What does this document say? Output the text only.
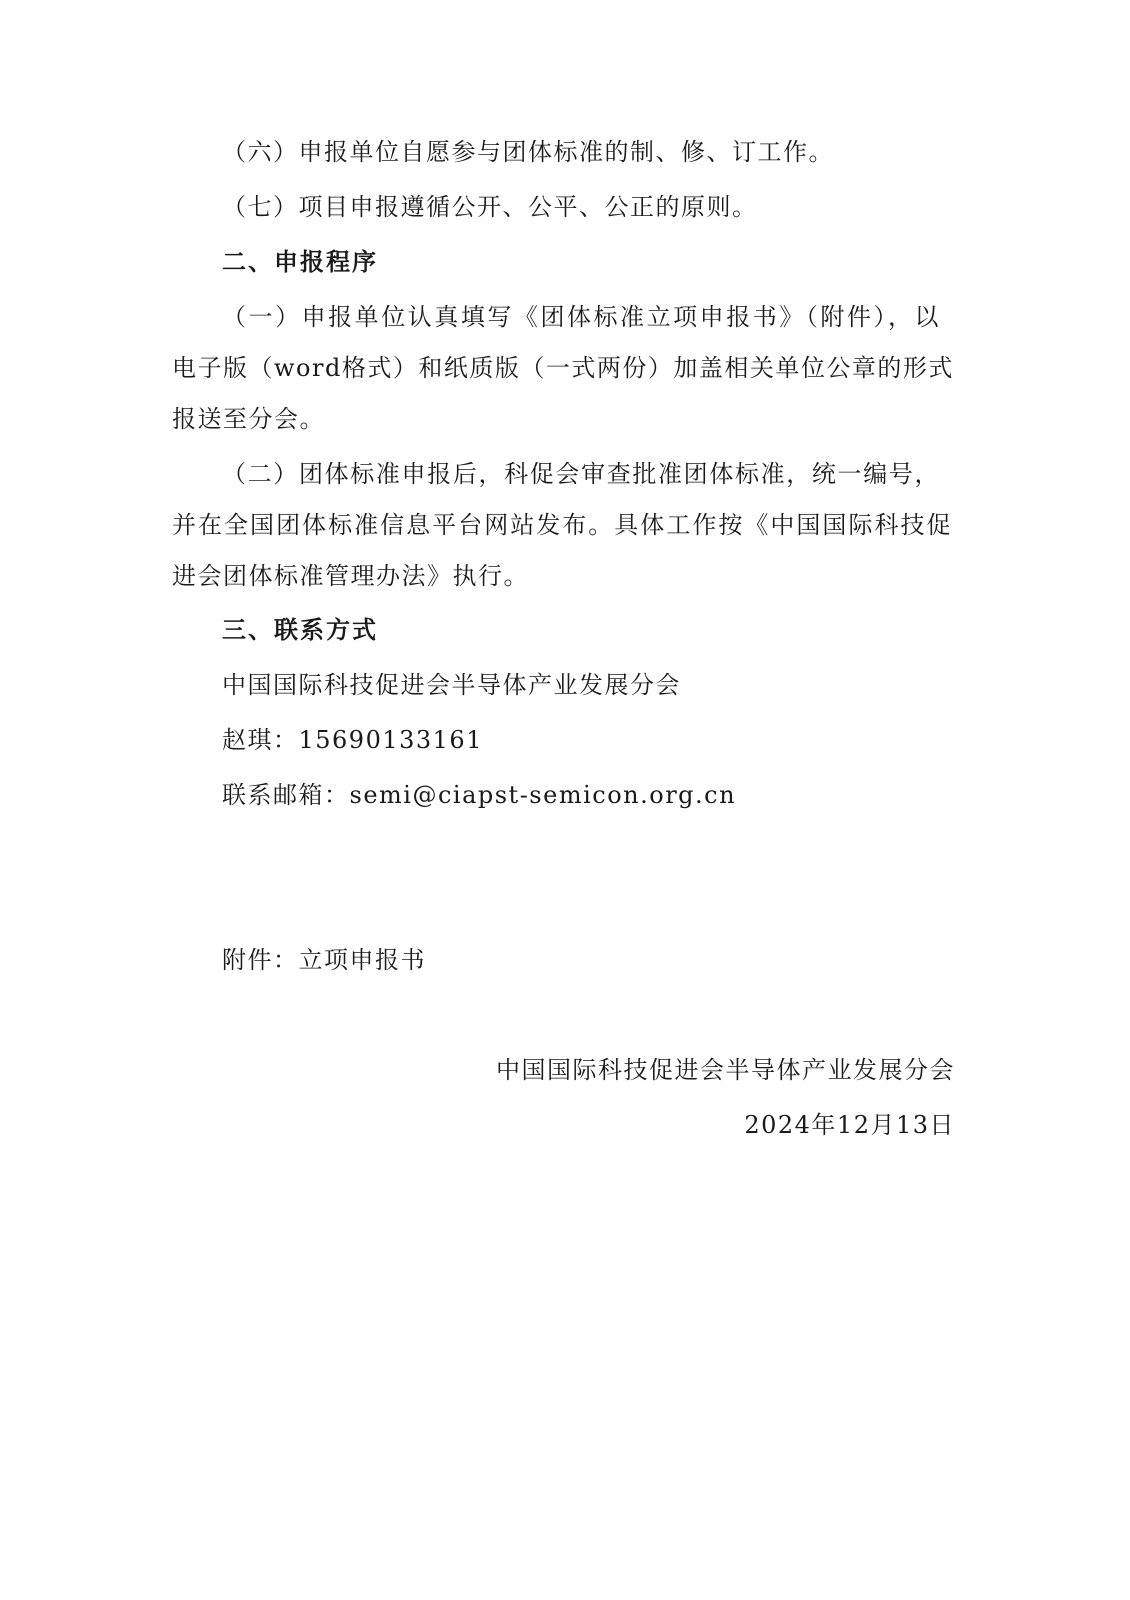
（六）申报单位自愿参与团体标准的制、修、订工作。
（七）项目申报遵循公开、公平、公正的原则。
二、申报程序
（一）申报单位认真填写《团体标准立项申报书》（附件），以
电子版（word格式）和纸质版（一式两份）加盖相关单位公章的形式
报送至分会。
（二）团体标准申报后，科促会审查批准团体标准，统一编号，
并在全国团体标准信息平台网站发布。具体工作按《中国国际科技促
进会团体标准管理办法》执行。
三、联系方式
中国国际科技促进会半导体产业发展分会
赵琪：15690133161
联系邮箱：semi@ciapst-semicon.org.cn
附件：立项申报书
中国国际科技促进会半导体产业发展分会
2024年12月13日
